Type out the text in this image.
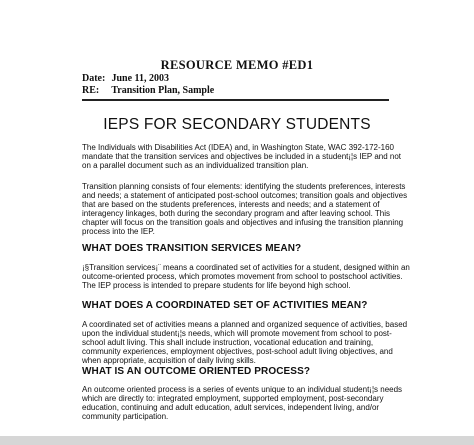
RESOURCE MEMO #ED1
Date: June 11, 2003
RE: Transition Plan, Sample
IEPS FOR SECONDARY STUDENTS

The Individuals with Disabilities Act (IDEA) and, in Washington State, WAC 392-172-160 mandate that the transition services and objectives be included in a student¡¦s IEP and not on a parallel document such as an individualized transition plan.

Transition planning consists of four elements: identifying the students preferences, interests and needs; a statement of anticipated post-school outcomes; transition goals and objectives that are based on the students preferences, interests and needs; and a statement of interagency linkages, both during the secondary program and after leaving school. This chapter will focus on the transition goals and objectives and infusing the transition planning process into the IEP.

WHAT DOES TRANSITION SERVICES MEAN?

¡§Transition services¡¨ means a coordinated set of activities for a student, designed within an outcome-oriented process, which promotes movement from school to postschool activities. The IEP process is intended to prepare students for life beyond high school.

WHAT DOES A COORDINATED SET OF ACTIVITIES MEAN?

A coordinated set of activities means a planned and organized sequence of activities, based upon the individual student¡¦s needs, which will promote movement from school to post-school adult living. This shall include instruction, vocational education and training, community experiences, employment objectives, post-school adult living objectives, and when appropriate, acquisition of daily living skills.

WHAT IS AN OUTCOME ORIENTED PROCESS?

An outcome oriented process is a series of events unique to an individual student¡¦s needs which are directly to: integrated employment, supported employment, post-secondary education, continuing and adult education, adult services, independent living, and/or community participation.
